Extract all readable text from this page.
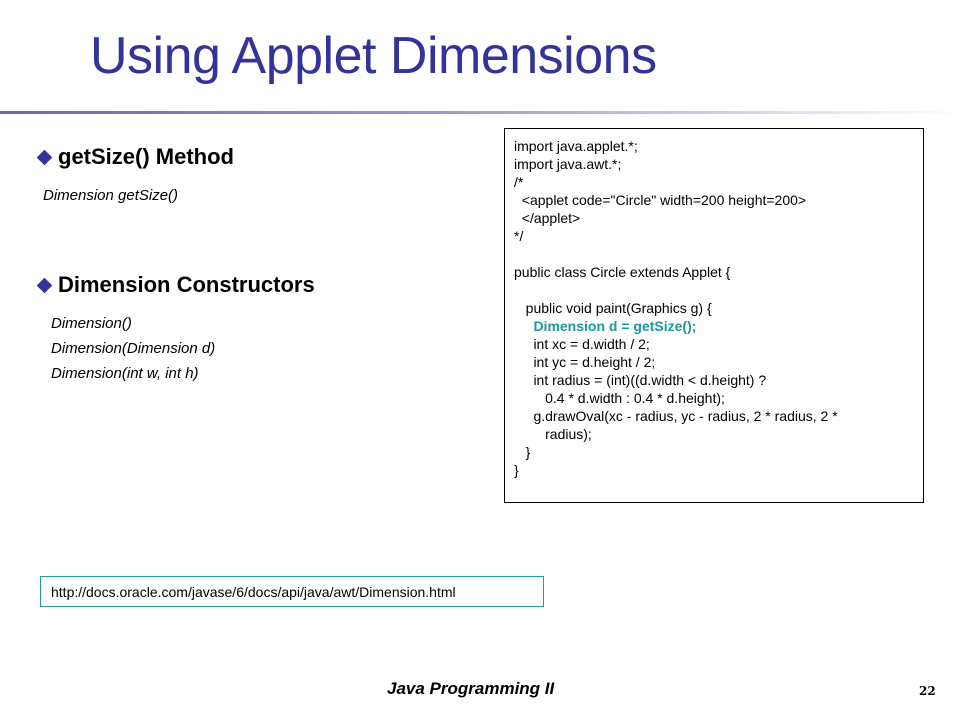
Using Applet Dimensions
getSize() Method
Dimension getSize()
Dimension Constructors
Dimension()
Dimension(Dimension d)
Dimension(int w, int h)
import java.applet.*;
import java.awt.*;
/*
<applet code="Circle" width=200 height=200>
</applet>
*/
public class Circle extends Applet {
public void paint(Graphics g) {
Dimension d = getSize();
int xc = d.width / 2;
int yc = d.height / 2;
int radius = (int)((d.width < d.height) ?
0.4 * d.width : 0.4 * d.height);
g.drawOval(xc - radius, yc - radius, 2 * radius, 2 *
radius);
}
}
http://docs.oracle.com/javase/6/docs/api/java/awt/Dimension.html
Java Programming II	22
